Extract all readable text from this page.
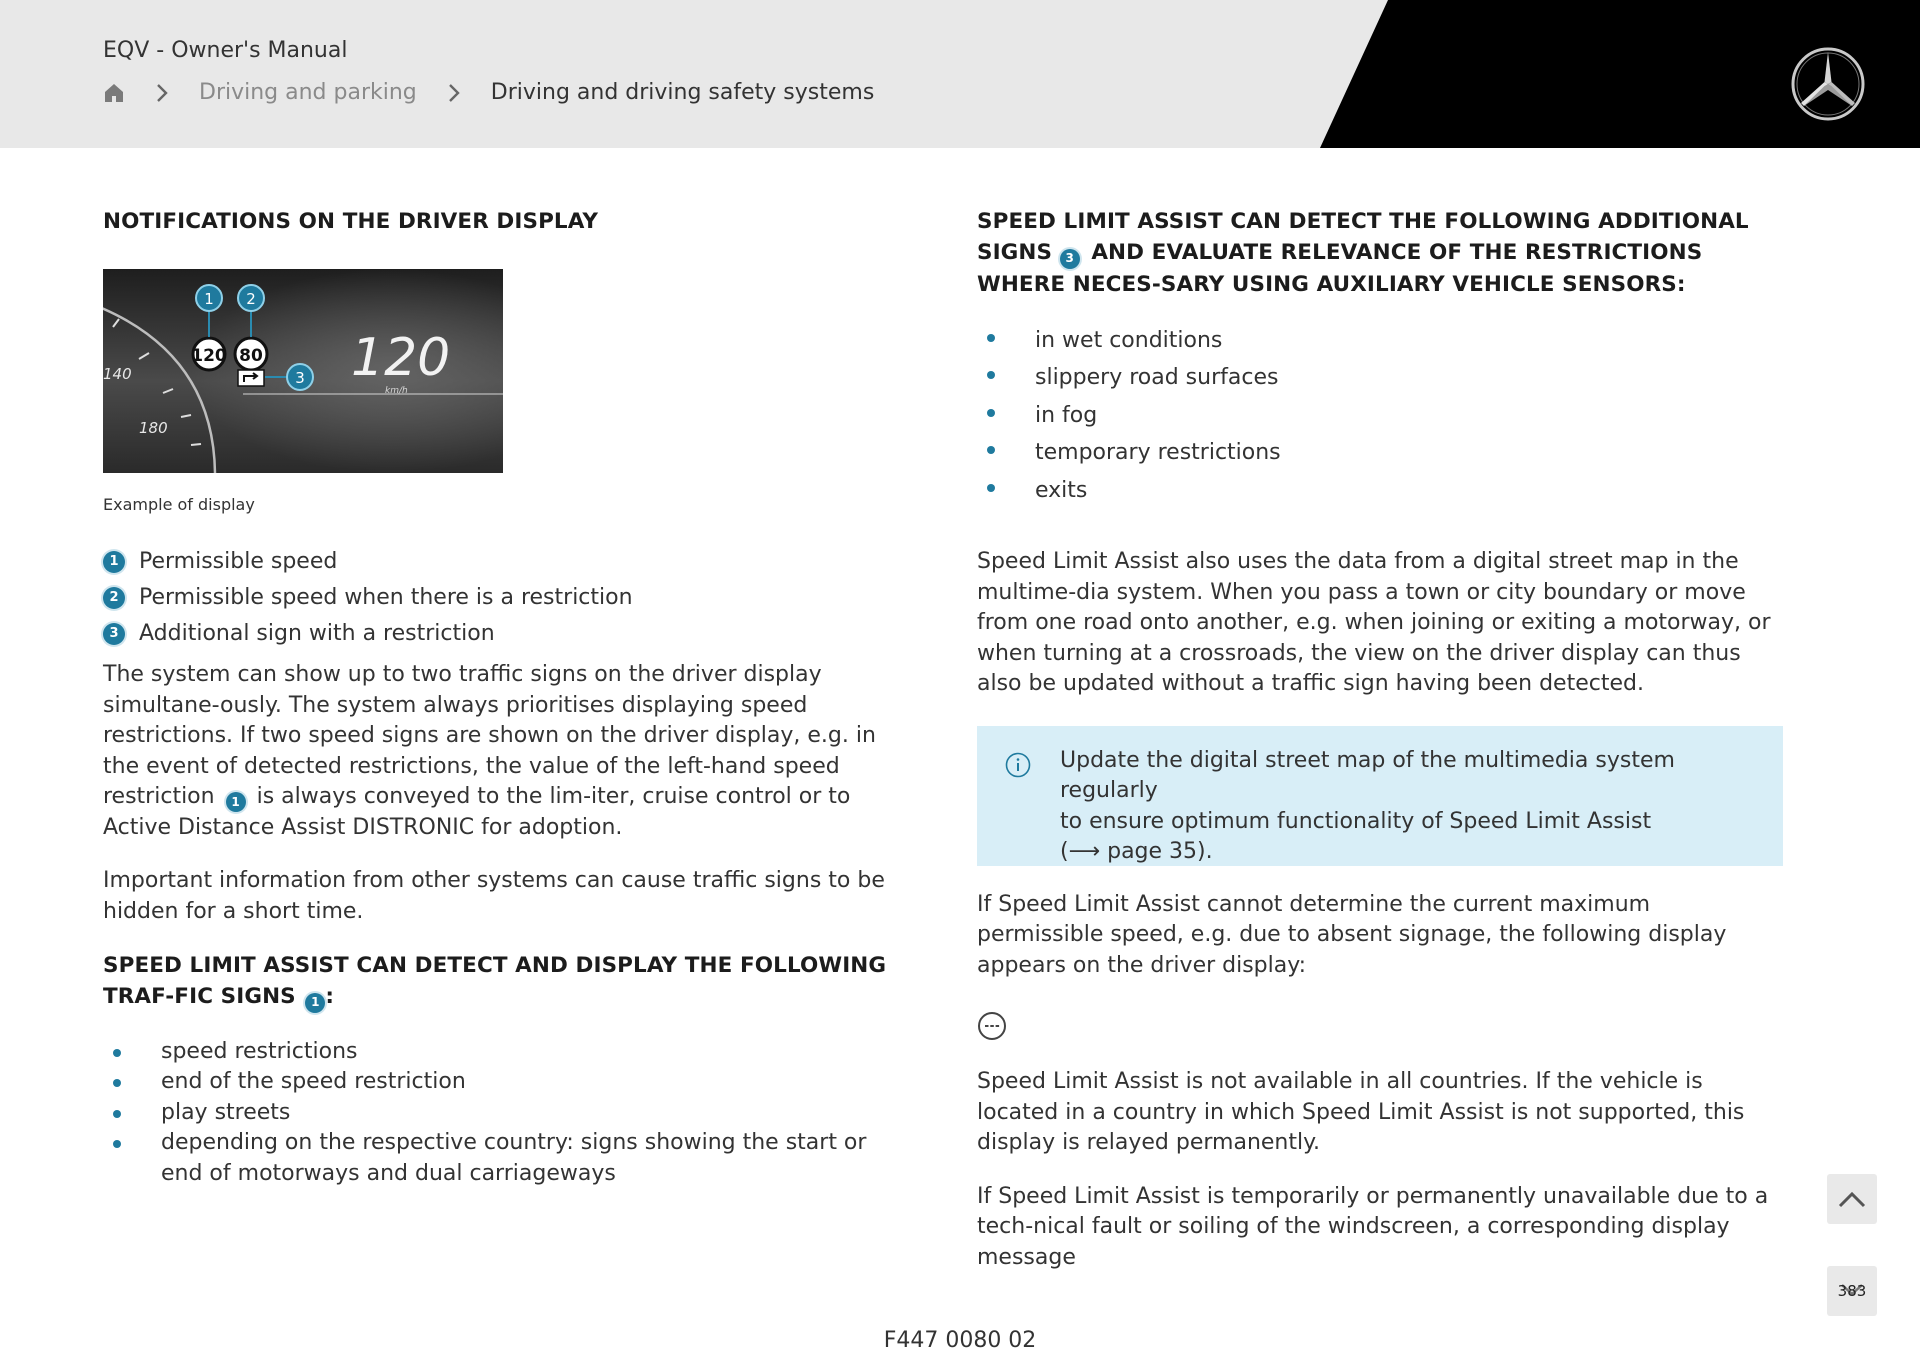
EQV - Owner's Manual
Driving and parking	Driving and driving safety systems
NOTIFICATIONS ON THE DRIVER DISPLAY
140
180
120 80
1 2
3 120
km/h
Example of display
1 Permissible speed
2 Permissible speed when there is a restriction
3 Additional sign with a restriction

The system can show up to two traffic signs on the driver display simultane-ously. The system always prioritises displaying speed restrictions. If two speed signs are shown on the driver display, e.g. in the event of detected restrictions, the value of the left-hand speed restriction 1 is always conveyed to the lim-iter, cruise control or to Active Distance Assist DISTRONIC for adoption.

Important information from other systems can cause traffic signs to be hidden for a short time.

SPEED LIMIT ASSIST CAN DETECT AND DISPLAY THE FOLLOWING TRAF-FIC SIGNS 1 :
speed restrictions
end of the speed restriction
play streets
depending on the respective country: signs showing the start or end of motorways and dual carriageways
SPEED LIMIT ASSIST CAN DETECT THE FOLLOWING ADDITIONAL SIGNS 3 AND EVALUATE RELEVANCE OF THE RESTRICTIONS WHERE NECES-SARY USING AUXILIARY VEHICLE SENSORS:
in wet conditions
slippery road surfaces
in fog
temporary restrictions
exits

Speed Limit Assist also uses the data from a digital street map in the multime-dia system. When you pass a town or city boundary or move from one road onto another, e.g. when joining or exiting a motorway, or when turning at a crossroads, the view on the driver display can thus also be updated without a traffic sign having been detected.

Update the digital street map of the multimedia system regularly
to ensure optimum functionality of Speed Limit Assist
(⟶ page 35).

If Speed Limit Assist cannot determine the current maximum permissible speed, e.g. due to absent signage, the following display appears on the driver display:

Speed Limit Assist is not available in all countries. If the vehicle is located in a country in which Speed Limit Assist is not supported, this display is relayed permanently.

If Speed Limit Assist is temporarily or permanently unavailable due to a tech-nical fault or soiling of the windscreen, a corresponding display message

383
F447 0080 02
